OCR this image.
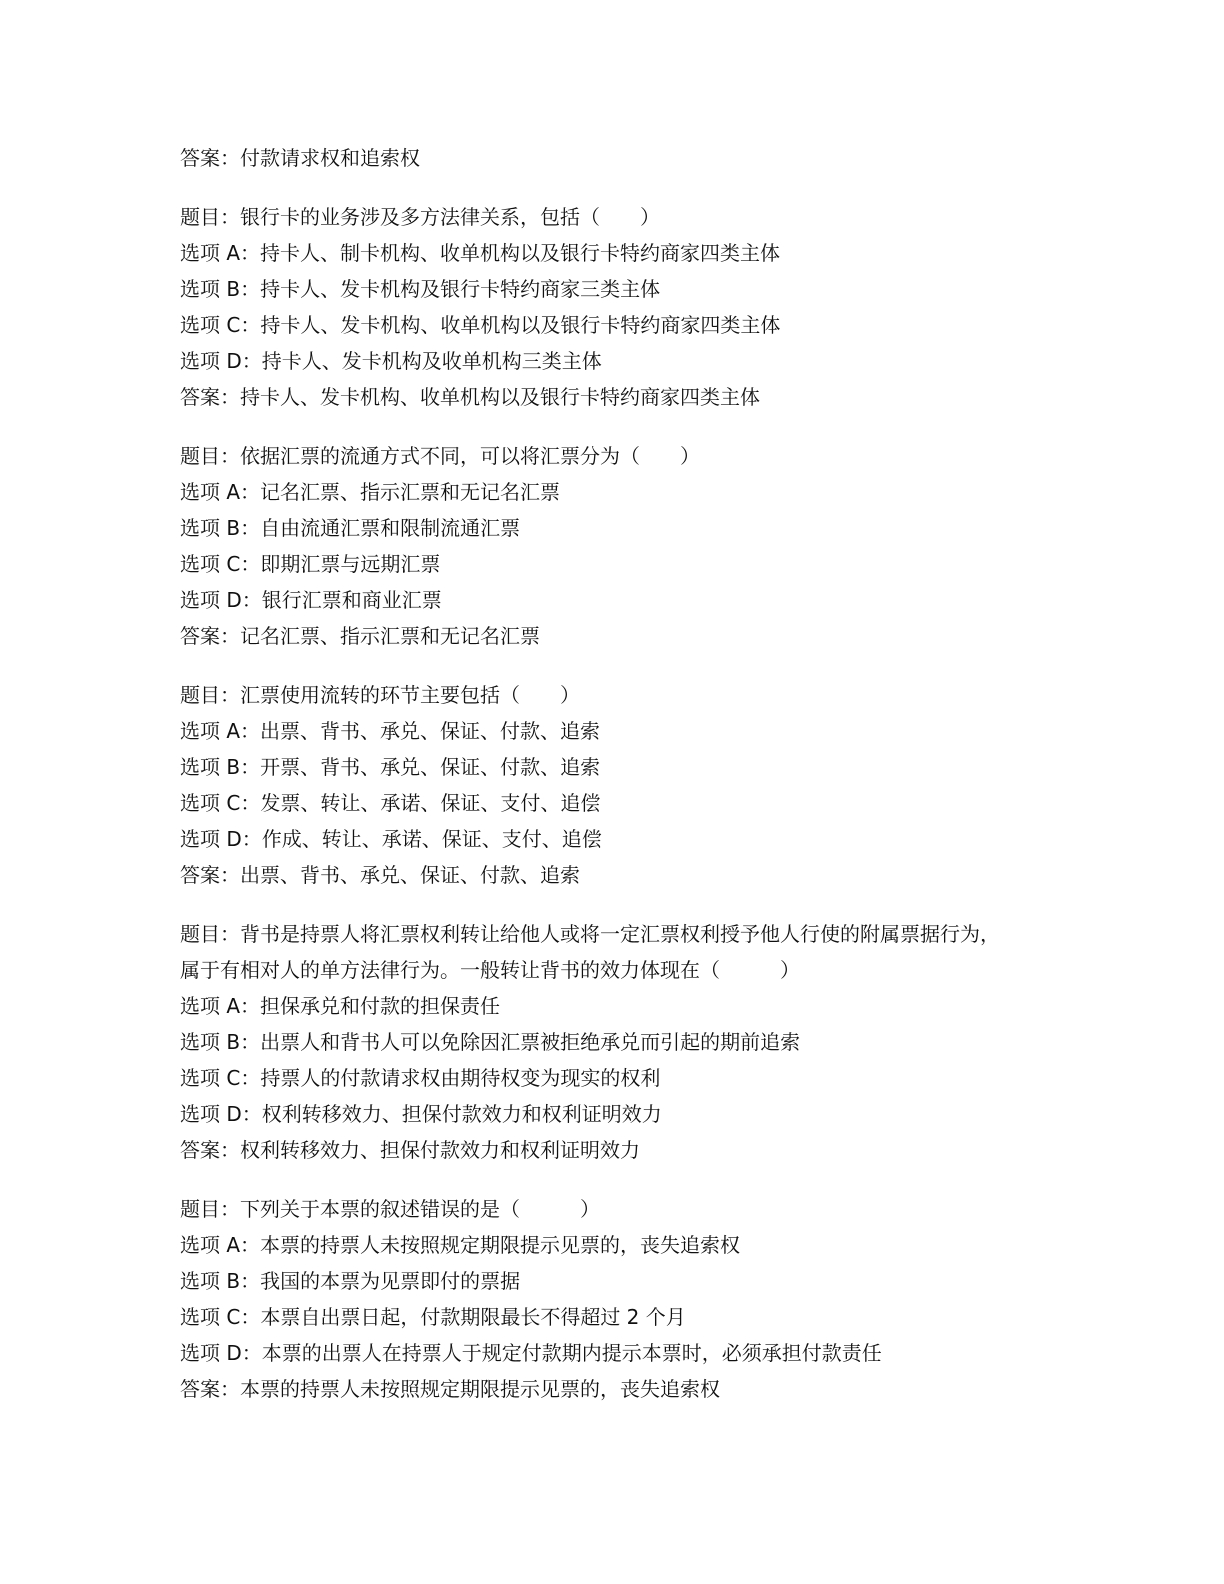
答案：付款请求权和追索权
题目：银行卡的业务涉及多方法律关系，包括（　　）
选项 A：持卡人、制卡机构、收单机构以及银行卡特约商家四类主体
选项 B：持卡人、发卡机构及银行卡特约商家三类主体
选项 C：持卡人、发卡机构、收单机构以及银行卡特约商家四类主体
选项 D：持卡人、发卡机构及收单机构三类主体
答案：持卡人、发卡机构、收单机构以及银行卡特约商家四类主体
题目：依据汇票的流通方式不同，可以将汇票分为（　　）
选项 A：记名汇票、指示汇票和无记名汇票
选项 B：自由流通汇票和限制流通汇票
选项 C：即期汇票与远期汇票
选项 D：银行汇票和商业汇票
答案：记名汇票、指示汇票和无记名汇票
题目：汇票使用流转的环节主要包括（　　）
选项 A：出票、背书、承兑、保证、付款、追索
选项 B：开票、背书、承兑、保证、付款、追索
选项 C：发票、转让、承诺、保证、支付、追偿
选项 D：作成、转让、承诺、保证、支付、追偿
答案：出票、背书、承兑、保证、付款、追索
题目：背书是持票人将汇票权利转让给他人或将一定汇票权利授予他人行使的附属票据行为，
属于有相对人的单方法律行为。一般转让背书的效力体现在（　　　）
选项 A：担保承兑和付款的担保责任
选项 B：出票人和背书人可以免除因汇票被拒绝承兑而引起的期前追索
选项 C：持票人的付款请求权由期待权变为现实的权利
选项 D：权利转移效力、担保付款效力和权利证明效力
答案：权利转移效力、担保付款效力和权利证明效力
题目：下列关于本票的叙述错误的是（　　　）
选项 A：本票的持票人未按照规定期限提示见票的，丧失追索权
选项 B：我国的本票为见票即付的票据
选项 C：本票自出票日起，付款期限最长不得超过 2 个月
选项 D：本票的出票人在持票人于规定付款期内提示本票时，必须承担付款责任
答案：本票的持票人未按照规定期限提示见票的，丧失追索权
